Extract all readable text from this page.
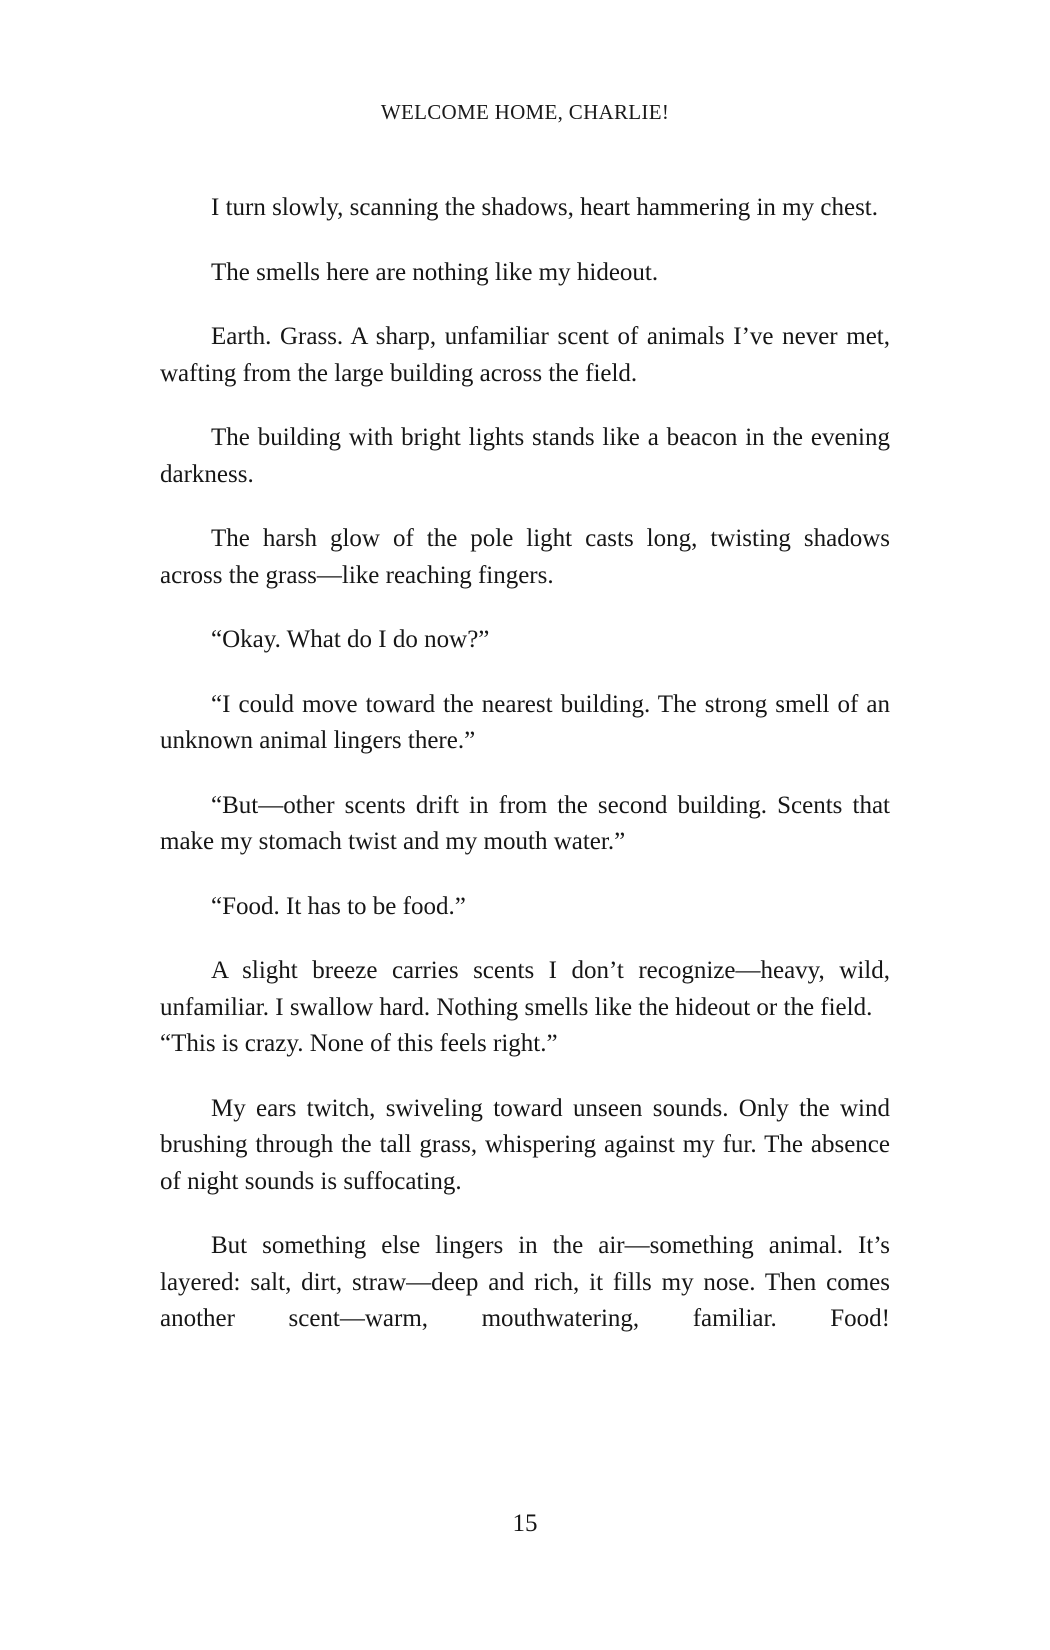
WELCOME HOME, CHARLIE!

I turn slowly, scanning the shadows, heart hammering in my chest.

The smells here are nothing like my hideout.

Earth. Grass. A sharp, unfamiliar scent of animals I’ve never met, wafting from the large building across the field.

The building with bright lights stands like a beacon in the evening darkness.

The harsh glow of the pole light casts long, twisting shadows across the grass—like reaching fingers.

“Okay. What do I do now?”

“I could move toward the nearest building. The strong smell of an unknown animal lingers there.”

“But—other scents drift in from the second building. Scents that make my stomach twist and my mouth water.”

“Food. It has to be food.”

A slight breeze carries scents I don’t recognize—heavy, wild, unfamiliar. I swallow hard. Nothing smells like the hideout or the field.

“This is crazy. None of this feels right.”

My ears twitch, swiveling toward unseen sounds. Only the wind brushing through the tall grass, whispering against my fur. The absence of night sounds is suffocating.

But something else lingers in the air—something animal. It’s layered: salt, dirt, straw—deep and rich, it fills my nose. Then comes another scent—warm, mouthwatering, familiar. Food!

15
